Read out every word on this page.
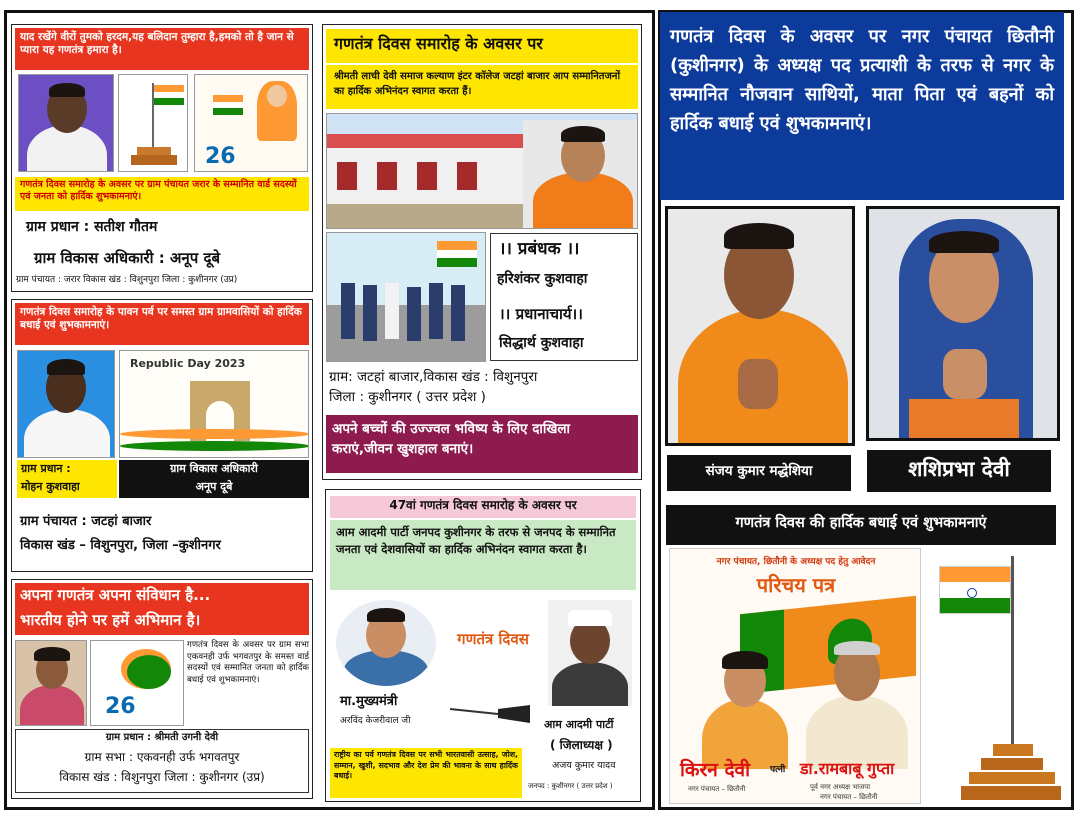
याद रखेंगे वीरों तुमको हरदम,यह बलिदान तुम्हारा है,हमको तो है जान से प्यारा यह गणतंत्र हमारा है।
26
गणतंत्र दिवस समारोह के अवसर पर ग्राम पंचायत जरार के सम्मानित वार्ड सदस्यों एवं जनता को हार्दिक शुभकामनाएं।
ग्राम प्रधान : सतीश गौतम
ग्राम विकास अधिकारी : अनूप दूबे
ग्राम पंचायत : जरार विकास खंड : विशुनपुरा जिला : कुशीनगर (उप्र)
गणतंत्र दिवस समारोह के पावन पर्व पर समस्त ग्राम ग्रामवासियों को हार्दिक बधाई एवं शुभकामनाएं।
Republic Day 2023
ग्राम प्रधान :
मोहन कुशवाहा
ग्राम विकास अधिकारी
अनूप दूबे
ग्राम पंचायत : जटहां बाजार
विकास खंड – विशुनपुरा, जिला –कुशीनगर
अपना गणतंत्र अपना संविधान है...
भारतीय होने पर हमें अभिमान है।
26
गणतंत्र दिवस के अवसर पर ग्राम सभा एकवनही उर्फ भगवतपुर के समस्त वार्ड सदस्यों एवं सम्मानित जनता को हार्दिक बधाई एवं शुभकामनाएं।
ग्राम प्रधान : श्रीमती उगनी देवी
ग्राम सभा : एकवनही उर्फ भगवतपुर
विकास खंड : विशुनपुरा जिला : कुशीनगर (उप्र)
गणतंत्र दिवस समारोह के अवसर पर
श्रीमती लाची देवी समाज कल्याण इंटर कॉलेज जटहां बाजार आप सम्मानितजनों का हार्दिक अभिनंदन स्वागत करता हैं।
।। प्रबंधक ।।
हरिशंकर कुशवाहा
।। प्रधानाचार्य।।
सिद्धार्थ कुशवाहा
ग्राम: जटहां बाजार,विकास खंड : विशुनपुरा
जिला : कुशीनगर ( उत्तर प्रदेश )
अपने बच्चों की उज्ज्वल भविष्य के लिए दाखिला कराएं,जीवन खुशहाल बनाएं।
47वां गणतंत्र दिवस समारोह के अवसर पर
आम आदमी पार्टी जनपद कुशीनगर के तरफ से जनपद के सम्मानित जनता एवं देशवासियों का हार्दिक अभिनंदन स्वागत करता है।
गणतंत्र दिवस
मा.मुख्यमंत्री
अरविंद केजरीवाल जी	आम आदमी पार्टी
( जिलाध्यक्ष )
अजय कुमार यादव
राष्ट्रीय का पर्व गणतंत्र दिवस पर सभी भारतवासी उत्साह, जोश, सम्मान, खुशी, सदभाव और देश प्रेम की भावना के साथ हार्दिक बधाई।
जनपद : कुशीनगर ( उत्तर प्रदेश )
गणतंत्र दिवस के अवसर पर नगर पंचायत छितौनी (कुशीनगर) के अध्यक्ष पद प्रत्याशी के तरफ से नगर के सम्मानित नौजवान साथियों, माता पिता एवं बहनों को हार्दिक बधाई एवं शुभकामनाएं।
संजय कुमार मद्धेशिया	शशिप्रभा देवी
गणतंत्र दिवस की हार्दिक बधाई एवं शुभकामनाएं
नगर पंचायत, छितौनी के अध्यक्ष पद हेतु आवेदन
परिचय पत्र
किरन देवी पत्नी डा.रामबाबू गुप्ता
नगर पंचायत – छितौनी	पूर्व नगर अध्यक्ष भाजपा
नगर पंचायत – छितौनी
